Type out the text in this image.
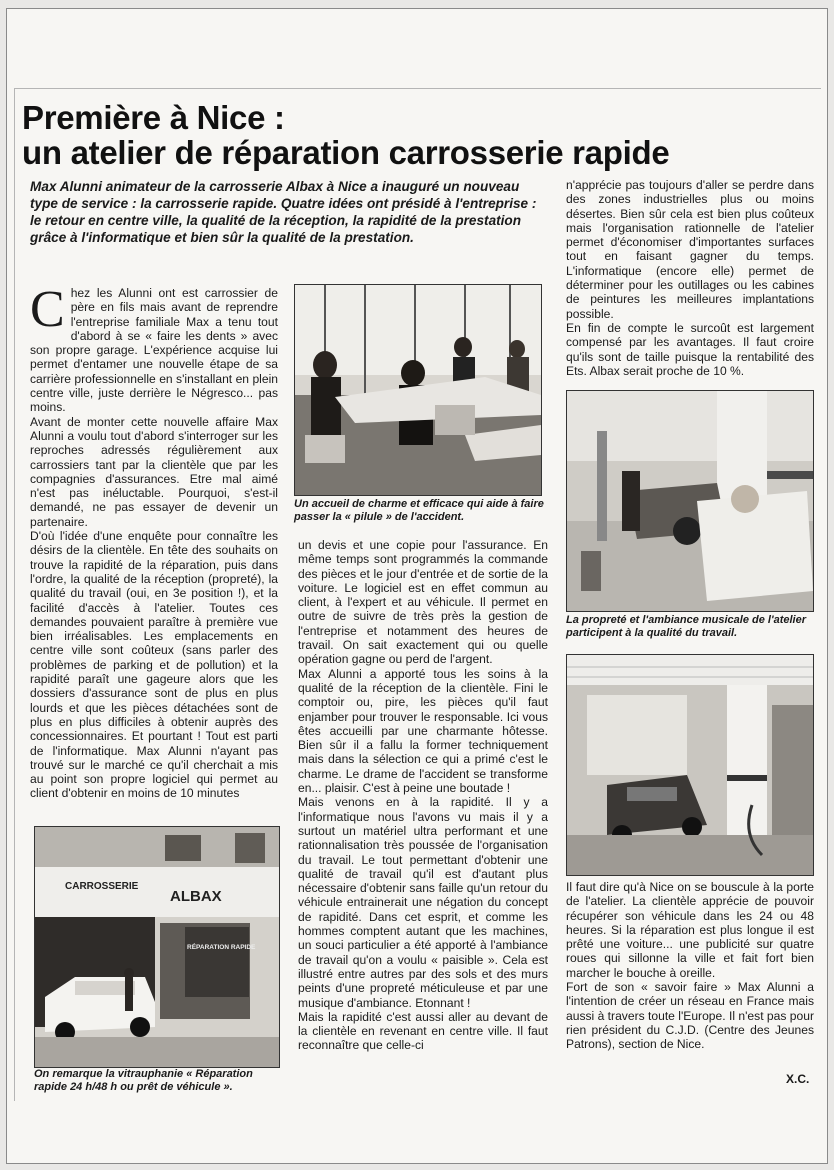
Première à Nice :
un atelier de réparation carrosserie rapide
Max Alunni animateur de la carrosserie Albax à Nice a inauguré un nouveau type de service : la carrosserie rapide. Quatre idées ont présidé à l'entreprise : le retour en centre ville, la qualité de la réception, la rapidité de la prestation grâce à l'informatique et bien sûr la qualité de la prestation.

Chez les Alunni ont est carrossier de père en fils mais avant de reprendre l'entreprise familiale Max a tenu tout d'abord à se « faire les dents » avec son propre garage. L'expérience acquise lui permet d'entamer une nouvelle étape de sa carrière professionnelle en s'installant en plein centre ville, juste derrière le Négresco... pas moins.

Avant de monter cette nouvelle affaire Max Alunni a voulu tout d'abord s'interroger sur les reproches adressés régulièrement aux carrossiers tant par la clientèle que par les compagnies d'assurances. Etre mal aimé n'est pas inéluctable. Pourquoi, s'est-il demandé, ne pas essayer de devenir un partenaire.

D'où l'idée d'une enquête pour connaître les désirs de la clientèle. En tête des souhaits on trouve la rapidité de la réparation, puis dans l'ordre, la qualité de la réception (propreté), la qualité du travail (oui, en 3e position !), et la facilité d'accès à l'atelier. Toutes ces demandes pouvaient paraître à première vue bien irréalisables. Les emplacements en centre ville sont coûteux (sans parler des problèmes de parking et de pollution) et la rapidité paraît une gageure alors que les dossiers d'assurance sont de plus en plus lourds et que les pièces détachées sont de plus en plus difficiles à obtenir auprès des concessionnaires. Et pourtant ! Tout est parti de l'informatique. Max Alunni n'ayant pas trouvé sur le marché ce qu'il cherchait a mis au point son propre logiciel qui permet au client d'obtenir en moins de 10 minutes

un devis et une copie pour l'assurance. En même temps sont programmés la commande des pièces et le jour d'entrée et de sortie de la voiture. Le logiciel est en effet commun au client, à l'expert et au véhicule. Il permet en outre de suivre de très près la gestion de l'entreprise et notamment des heures de travail. On sait exactement qui ou quelle opération gagne ou perd de l'argent.

Max Alunni a apporté tous les soins à la qualité de la réception de la clientèle. Fini le comptoir ou, pire, les pièces qu'il faut enjamber pour trouver le responsable. Ici vous êtes accueilli par une charmante hôtesse. Bien sûr il a fallu la former techniquement mais dans la sélection ce qui a primé c'est le charme. Le drame de l'accident se transforme en... plaisir. C'est à peine une boutade !

Mais venons en à la rapidité. Il y a l'informatique nous l'avons vu mais il y a surtout un matériel ultra performant et une rationnalisation très poussée de l'organisation du travail. Le tout permettant d'obtenir une qualité de travail qu'il est d'autant plus nécessaire d'obtenir sans faille qu'un retour du véhicule entrainerait une négation du concept de rapidité. Dans cet esprit, et comme les hommes comptent autant que les machines, un souci particulier a été apporté à l'ambiance de travail qu'on a voulu « paisible ». Cela est illustré entre autres par des sols et des murs peints d'une propreté méticuleuse et par une musique d'ambiance. Etonnant !

Mais la rapidité c'est aussi aller au devant de la clientèle en revenant en centre ville. Il faut reconnaître que celle-ci

n'apprécie pas toujours d'aller se perdre dans des zones industrielles plus ou moins désertes. Bien sûr cela est bien plus coûteux mais l'organisation rationnelle de l'atelier permet d'économiser d'importantes surfaces tout en faisant gagner du temps. L'informatique (encore elle) permet de déterminer pour les outillages ou les cabines de peintures les meilleures implantations possible.

En fin de compte le surcoût est largement compensé par les avantages. Il faut croire qu'ils sont de taille puisque la rentabilité des Ets. Albax serait proche de 10 %.

Il faut dire qu'à Nice on se bouscule à la porte de l'atelier. La clientèle apprécie de pouvoir récupérer son véhicule dans les 24 ou 48 heures. Si la réparation est plus longue il est prêté une voiture... une publicité sur quatre roues qui sillonne la ville et fait fort bien marcher le bouche à oreille.

Fort de son « savoir faire » Max Alunni a l'intention de créer un réseau en France mais aussi à travers toute l'Europe. Il n'est pas pour rien président du C.J.D. (Centre des Jeunes Patrons), section de Nice.

Un accueil de charme et efficace qui aide à faire passer la « pilule » de l'accident.
La propreté et l'ambiance musicale de l'atelier participent à la qualité du travail.
CARROSSERIE
ALBAX
RÉPARATION RAPIDE
On remarque la vitrauphanie « Réparation rapide 24 h/48 h ou prêt de véhicule ».
X.C.
